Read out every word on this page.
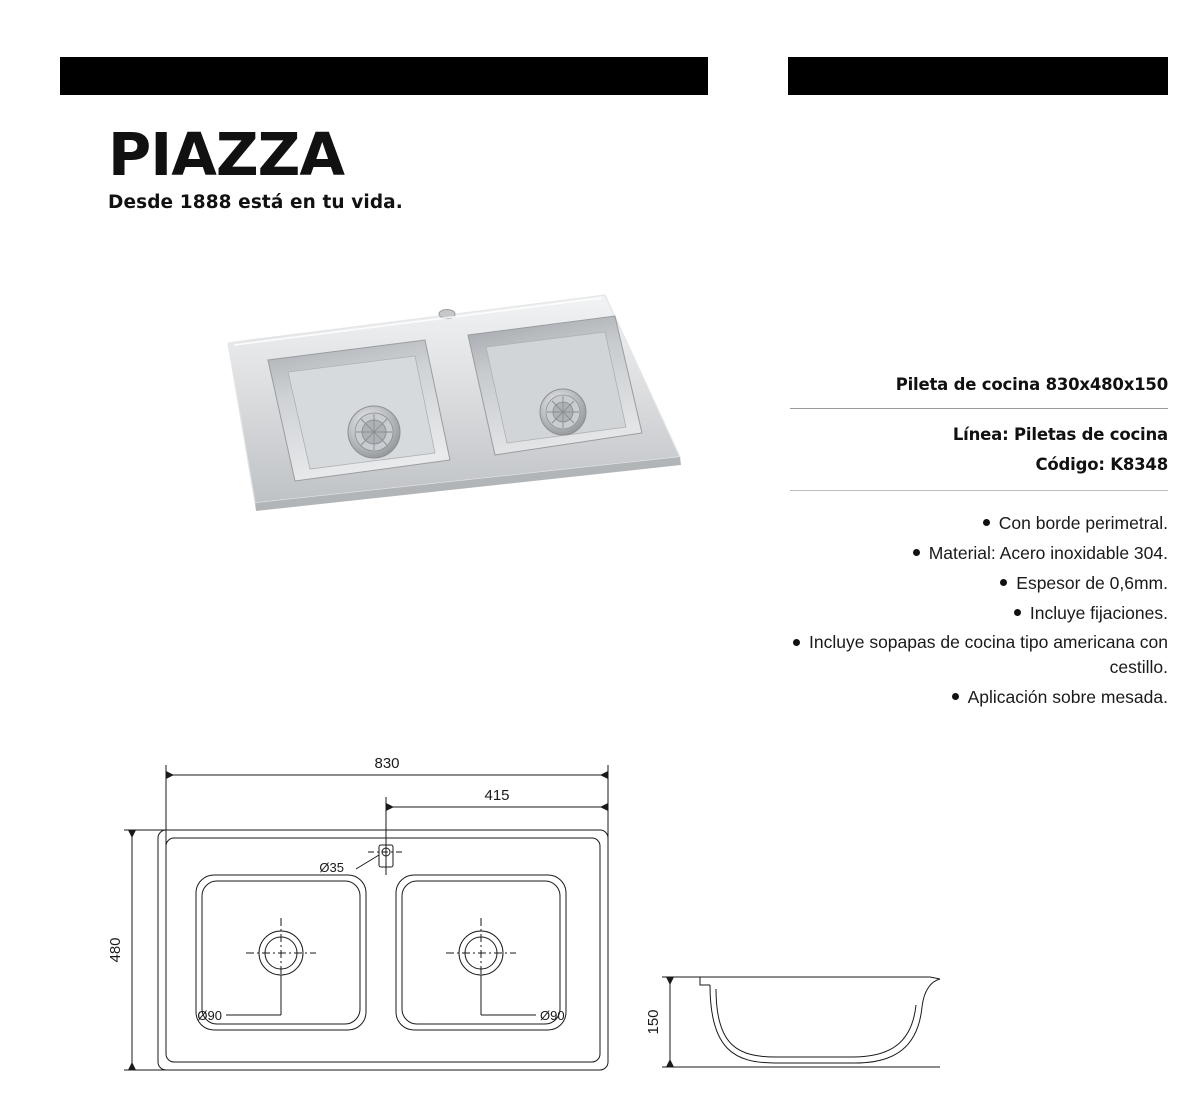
PIAZZA
Desde 1888 está en tu vida.
Pileta de cocina 830x480x150
Línea: Piletas de cocina
Código: K8348
Con borde perimetral.
Material: Acero inoxidable 304.
Espesor de 0,6mm.
Incluye fijaciones.
Incluye sopapas de cocina tipo americana con cestillo.
Aplicación sobre mesada.
830
415
480
Ø35
Ø90	Ø90	150
